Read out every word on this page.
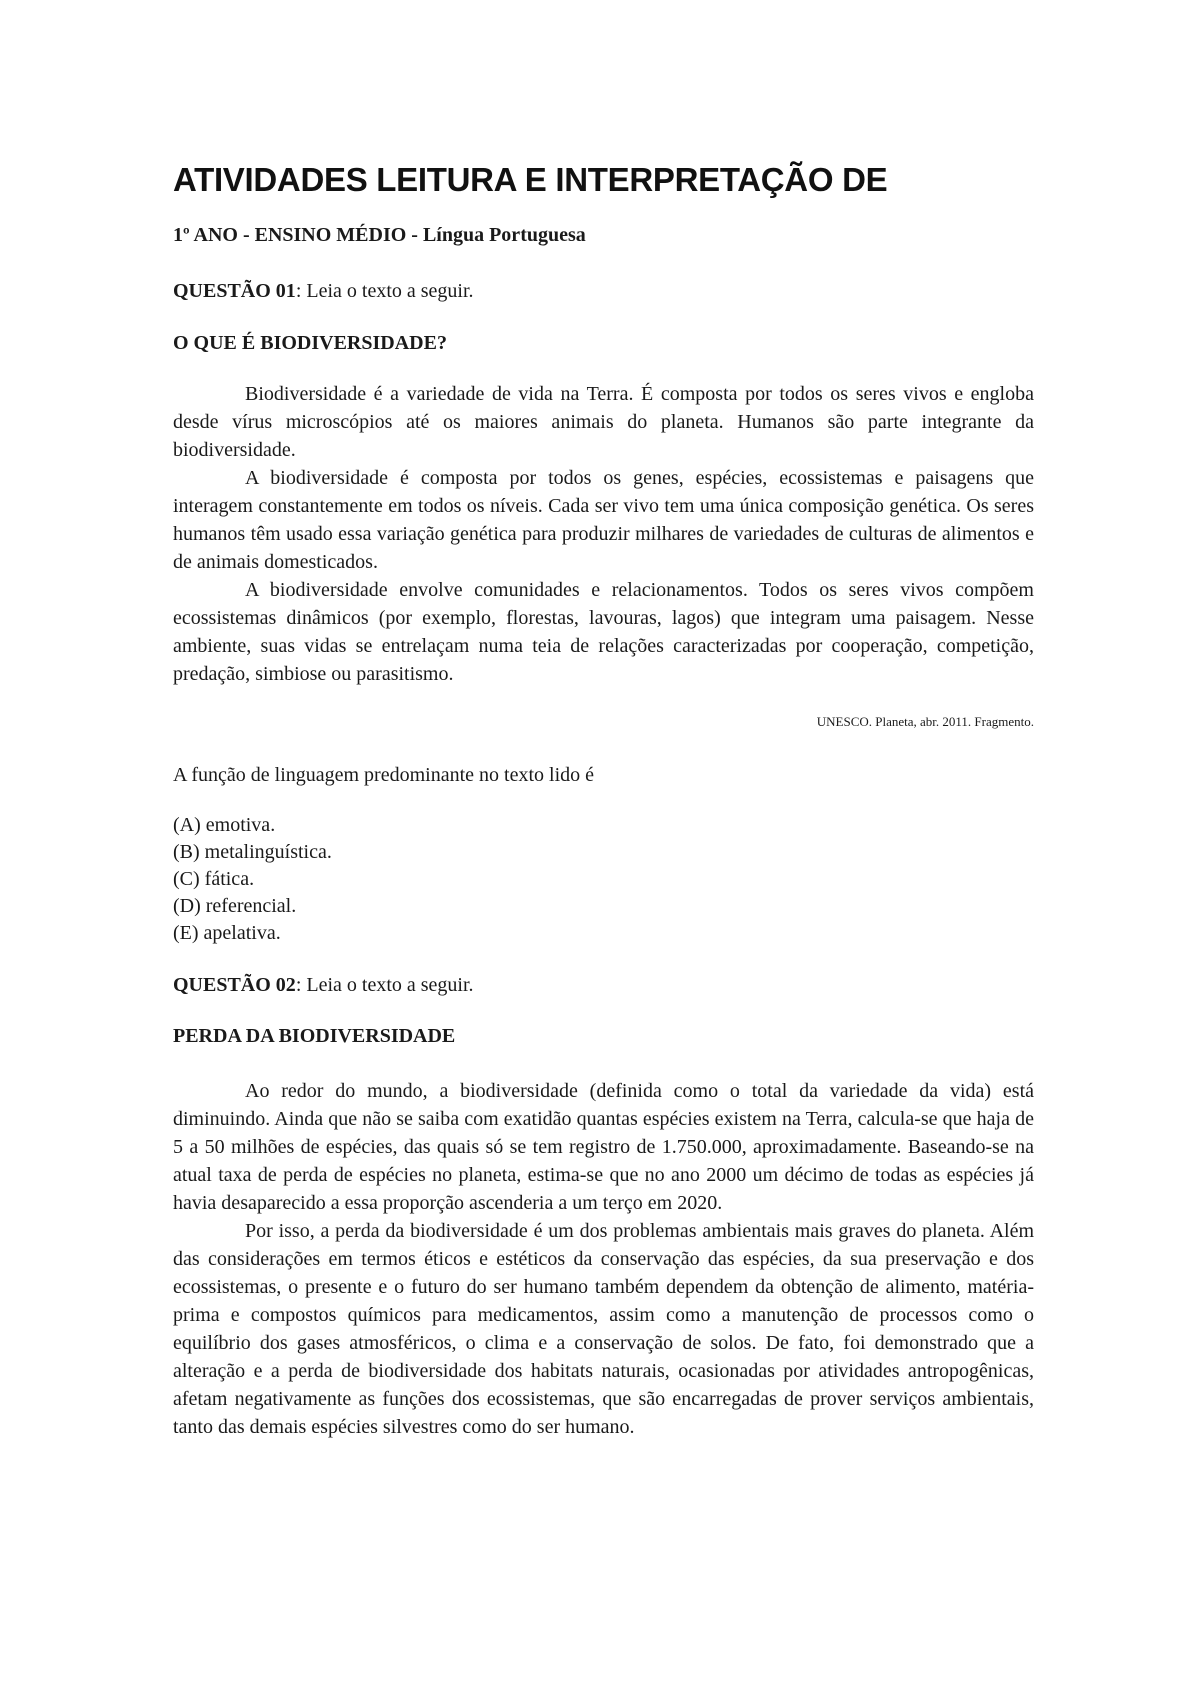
ATIVIDADES LEITURA E INTERPRETAÇÃO DE
1º ANO - ENSINO MÉDIO - Língua Portuguesa
QUESTÃO 01: Leia o texto a seguir.
O QUE É BIODIVERSIDADE?

Biodiversidade é a variedade de vida na Terra. É composta por todos os seres vivos e engloba desde vírus microscópios até os maiores animais do planeta. Humanos são parte integrante da biodiversidade.

A biodiversidade é composta por todos os genes, espécies, ecossistemas e paisagens que interagem constantemente em todos os níveis. Cada ser vivo tem uma única composição genética. Os seres humanos têm usado essa variação genética para produzir milhares de variedades de culturas de alimentos e de animais domesticados.

A biodiversidade envolve comunidades e relacionamentos. Todos os seres vivos compõem ecossistemas dinâmicos (por exemplo, florestas, lavouras, lagos) que integram uma paisagem. Nesse ambiente, suas vidas se entrelaçam numa teia de relações caracterizadas por cooperação, competição, predação, simbiose ou parasitismo.

UNESCO. Planeta, abr. 2011. Fragmento.
A função de linguagem predominante no texto lido é
(A) emotiva.
(B) metalinguística.
(C) fática.
(D) referencial.
(E) apelativa.
QUESTÃO 02: Leia o texto a seguir.
PERDA DA BIODIVERSIDADE

Ao redor do mundo, a biodiversidade (definida como o total da variedade da vida) está diminuindo. Ainda que não se saiba com exatidão quantas espécies existem na Terra, calcula-se que haja de 5 a 50 milhões de espécies, das quais só se tem registro de 1.750.000, aproximadamente. Baseando-se na atual taxa de perda de espécies no planeta, estima-se que no ano 2000 um décimo de todas as espécies já havia desaparecido a essa proporção ascenderia a um terço em 2020.

Por isso, a perda da biodiversidade é um dos problemas ambientais mais graves do planeta. Além das considerações em termos éticos e estéticos da conservação das espécies, da sua preservação e dos ecossistemas, o presente e o futuro do ser humano também dependem da obtenção de alimento, matéria-prima e compostos químicos para medicamentos, assim como a manutenção de processos como o equilíbrio dos gases atmosféricos, o clima e a conservação de solos. De fato, foi demonstrado que a alteração e a perda de biodiversidade dos habitats naturais, ocasionadas por atividades antropogênicas, afetam negativamente as funções dos ecossistemas, que são encarregadas de prover serviços ambientais, tanto das demais espécies silvestres como do ser humano.
